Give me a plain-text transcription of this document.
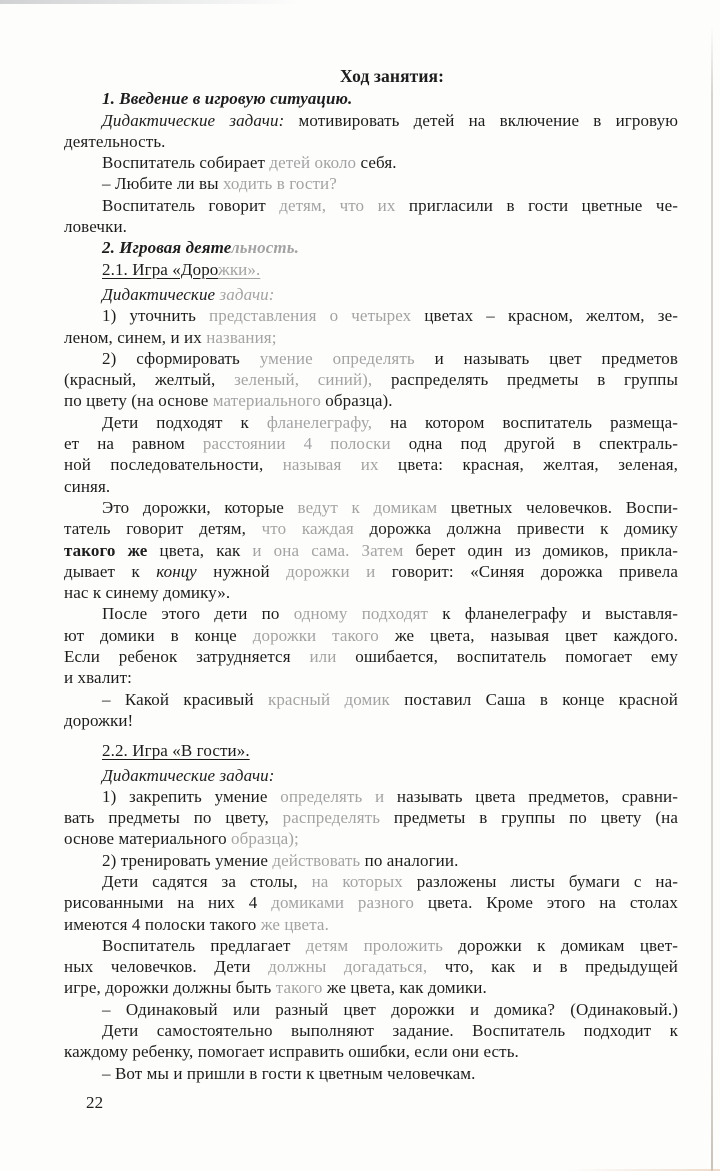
Ход занятия:
1. Введение в игровую ситуацию.
Дидактические задачи: мотивировать детей на включение в игровую
деятельность.
Воспитатель собирает детей около себя.
– Любите ли вы ходить в гости?
Воспитатель говорит детям, что их пригласили в гости цветные че-
ловечки.
2. Игровая деятельность.
2.1. Игра «Дорожки».
Дидактические задачи:
1) уточнить представления о четырех цветах – красном, желтом, зе-
леном, синем, и их названия;
2) сформировать умение определять и называть цвет предметов
(красный, желтый, зеленый, синий), распределять предметы в группы
по цвету (на основе материального образца).
Дети подходят к фланелеграфу, на котором воспитатель размеща-
ет на равном расстоянии 4 полоски одна под другой в спектраль-
ной последовательности, называя их цвета: красная, желтая, зеленая,
синяя.
Это дорожки, которые ведут к домикам цветных человечков. Воспи-
татель говорит детям, что каждая дорожка должна привести к домику
такого же цвета, как и она сама. Затем берет один из домиков, прикла-
дывает к концу нужной дорожки и говорит: «Синяя дорожка привела
нас к синему домику».
После этого дети по одному подходят к фланелеграфу и выставля-
ют домики в конце дорожки такого же цвета, называя цвет каждого.
Если ребенок затрудняется или ошибается, воспитатель помогает ему
и хвалит:
– Какой красивый красный домик поставил Саша в конце красной
дорожки!
2.2. Игра «В гости».
Дидактические задачи:
1) закрепить умение определять и называть цвета предметов, сравни-
вать предметы по цвету, распределять предметы в группы по цвету (на
основе материального образца);
2) тренировать умение действовать по аналогии.
Дети садятся за столы, на которых разложены листы бумаги с на-
рисованными на них 4 домиками разного цвета. Кроме этого на столах
имеются 4 полоски такого же цвета.
Воспитатель предлагает детям проложить дорожки к домикам цвет-
ных человечков. Дети должны догадаться, что, как и в предыдущей
игре, дорожки должны быть такого же цвета, как домики.
– Одинаковый или разный цвет дорожки и домика? (Одинаковый.)
Дети самостоятельно выполняют задание. Воспитатель подходит к
каждому ребенку, помогает исправить ошибки, если они есть.
– Вот мы и пришли в гости к цветным человечкам.
22
